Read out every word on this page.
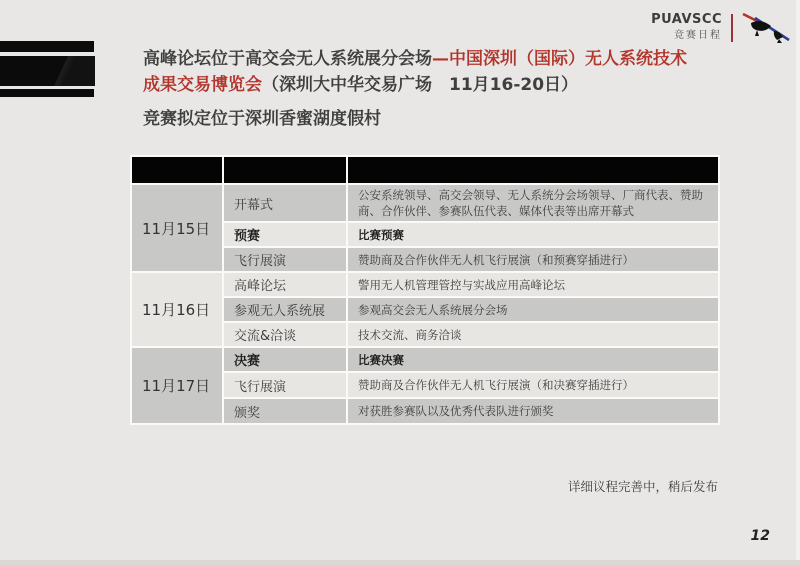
PUAVSCC
竞赛日程

高峰论坛位于高交会无人系统展分会场—中国深圳（国际）无人系统技术

成果交易博览会（深圳大中华交易广场　11月16-20日）

竞赛拟定位于深圳香蜜湖度假村

11月15日	开幕式	公安系统领导、高交会领导、无人系统分会场领导、厂商代表、赞助商、合作伙伴、参赛队伍代表、媒体代表等出席开幕式
	预赛	比赛预赛
	飞行展演	赞助商及合作伙伴无人机飞行展演（和预赛穿插进行）
11月16日	高峰论坛	警用无人机管理管控与实战应用高峰论坛
	参观无人系统展	参观高交会无人系统展分会场
	交流&洽谈	技术交流、商务洽谈
11月17日	决赛	比赛决赛
	飞行展演	赞助商及合作伙伴无人机飞行展演（和决赛穿插进行）
	颁奖	对获胜参赛队以及优秀代表队进行颁奖
详细议程完善中，稍后发布
12
